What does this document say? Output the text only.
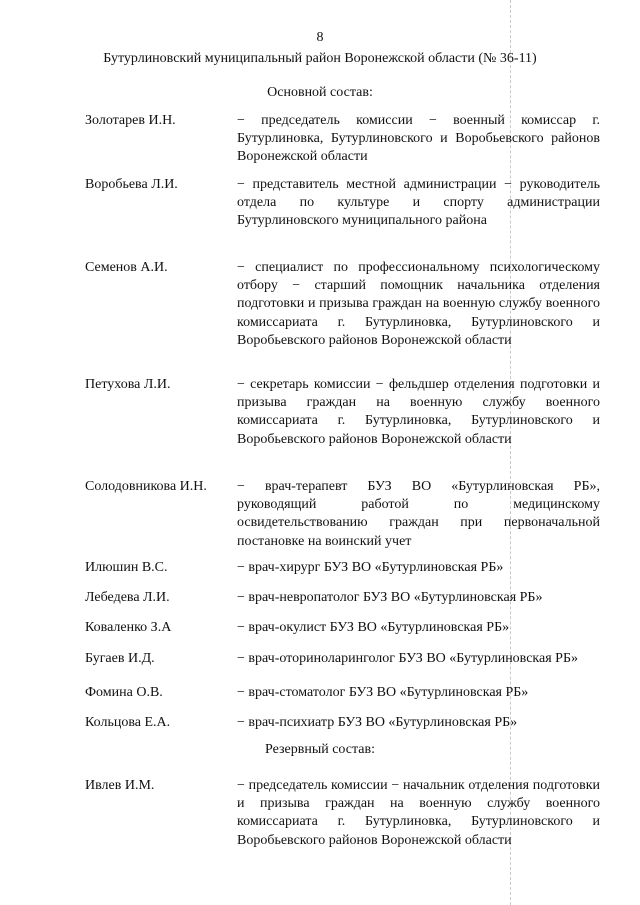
8
Бутурлиновский муниципальный район Воронежской области (№ 36-11)
Основной состав:
Золотарев И.Н.	− председатель комиссии − военный комиссар г. Бутурлиновка, Бутурлиновского и Воробьевского районов Воронежской области
Воробьева Л.И.	− представитель местной администрации − руководитель отдела по культуре и спорту администрации Бутурлиновского муниципального района
Семенов А.И.	− специалист по профессиональному психологическому отбору − старший помощник начальника отделения подготовки и призыва граждан на военную службу военного комиссариата г. Бутурлиновка, Бутурлиновского и Воробьевского районов Воронежской области
Петухова Л.И.	− секретарь комиссии − фельдшер отделения подготовки и призыва граждан на военную службу военного комиссариата г. Бутурлиновка, Бутурлиновского и Воробьевского районов Воронежской области
Солодовникова И.Н. − врач-терапевт БУЗ ВО «Бутурлиновская РБ», руководящий работой по медицинскому освидетельствованию граждан при первоначальной постановке на воинский учет
Илюшин В.С.	− врач-хирург БУЗ ВО «Бутурлиновская РБ»
Лебедева Л.И.	− врач-невропатолог БУЗ ВО «Бутурлиновская РБ»
Коваленко З.А	− врач-окулист БУЗ ВО «Бутурлиновская РБ»
Бугаев И.Д.	− врач-оториноларинголог БУЗ ВО «Бутурлиновская РБ»
Фомина О.В.	− врач-стоматолог БУЗ ВО «Бутурлиновская РБ»
Кольцова Е.А.	− врач-психиатр БУЗ ВО «Бутурлиновская РБ»
Резервный состав:
Ивлев И.М.	− председатель комиссии − начальник отделения подготовки и призыва граждан на военную службу военного комиссариата г. Бутурлиновка, Бутурлиновского и Воробьевского районов Воронежской области
